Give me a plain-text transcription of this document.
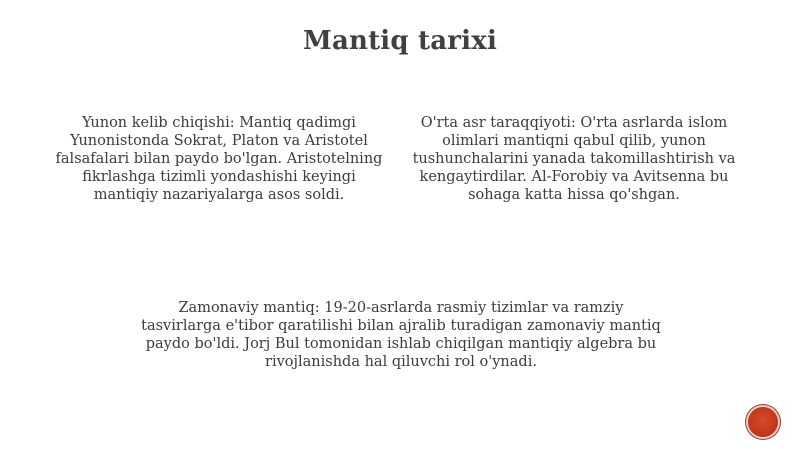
Mantiq tarixi
Yunon kelib chiqishi: Mantiq qadimgi Yunonistonda Sokrat, Platon va Aristotel falsafalari bilan paydo bo'lgan. Aristotelning fikrlashga tizimli yondashishi keyingi mantiqiy nazariyalarga asos soldi.
O'rta asr taraqqiyoti: O'rta asrlarda islom olimlari mantiqni qabul qilib, yunon tushunchalarini yanada takomillashtirish va kengaytirdilar. Al-Forobiy va Avitsenna bu sohaga katta hissa qo'shgan.
Zamonaviy mantiq: 19-20-asrlarda rasmiy tizimlar va ramziy tasvirlarga e'tibor qaratilishi bilan ajralib turadigan zamonaviy mantiq paydo bo'ldi. Jorj Bul tomonidan ishlab chiqilgan mantiqiy algebra bu rivojlanishda hal qiluvchi rol o'ynadi.
